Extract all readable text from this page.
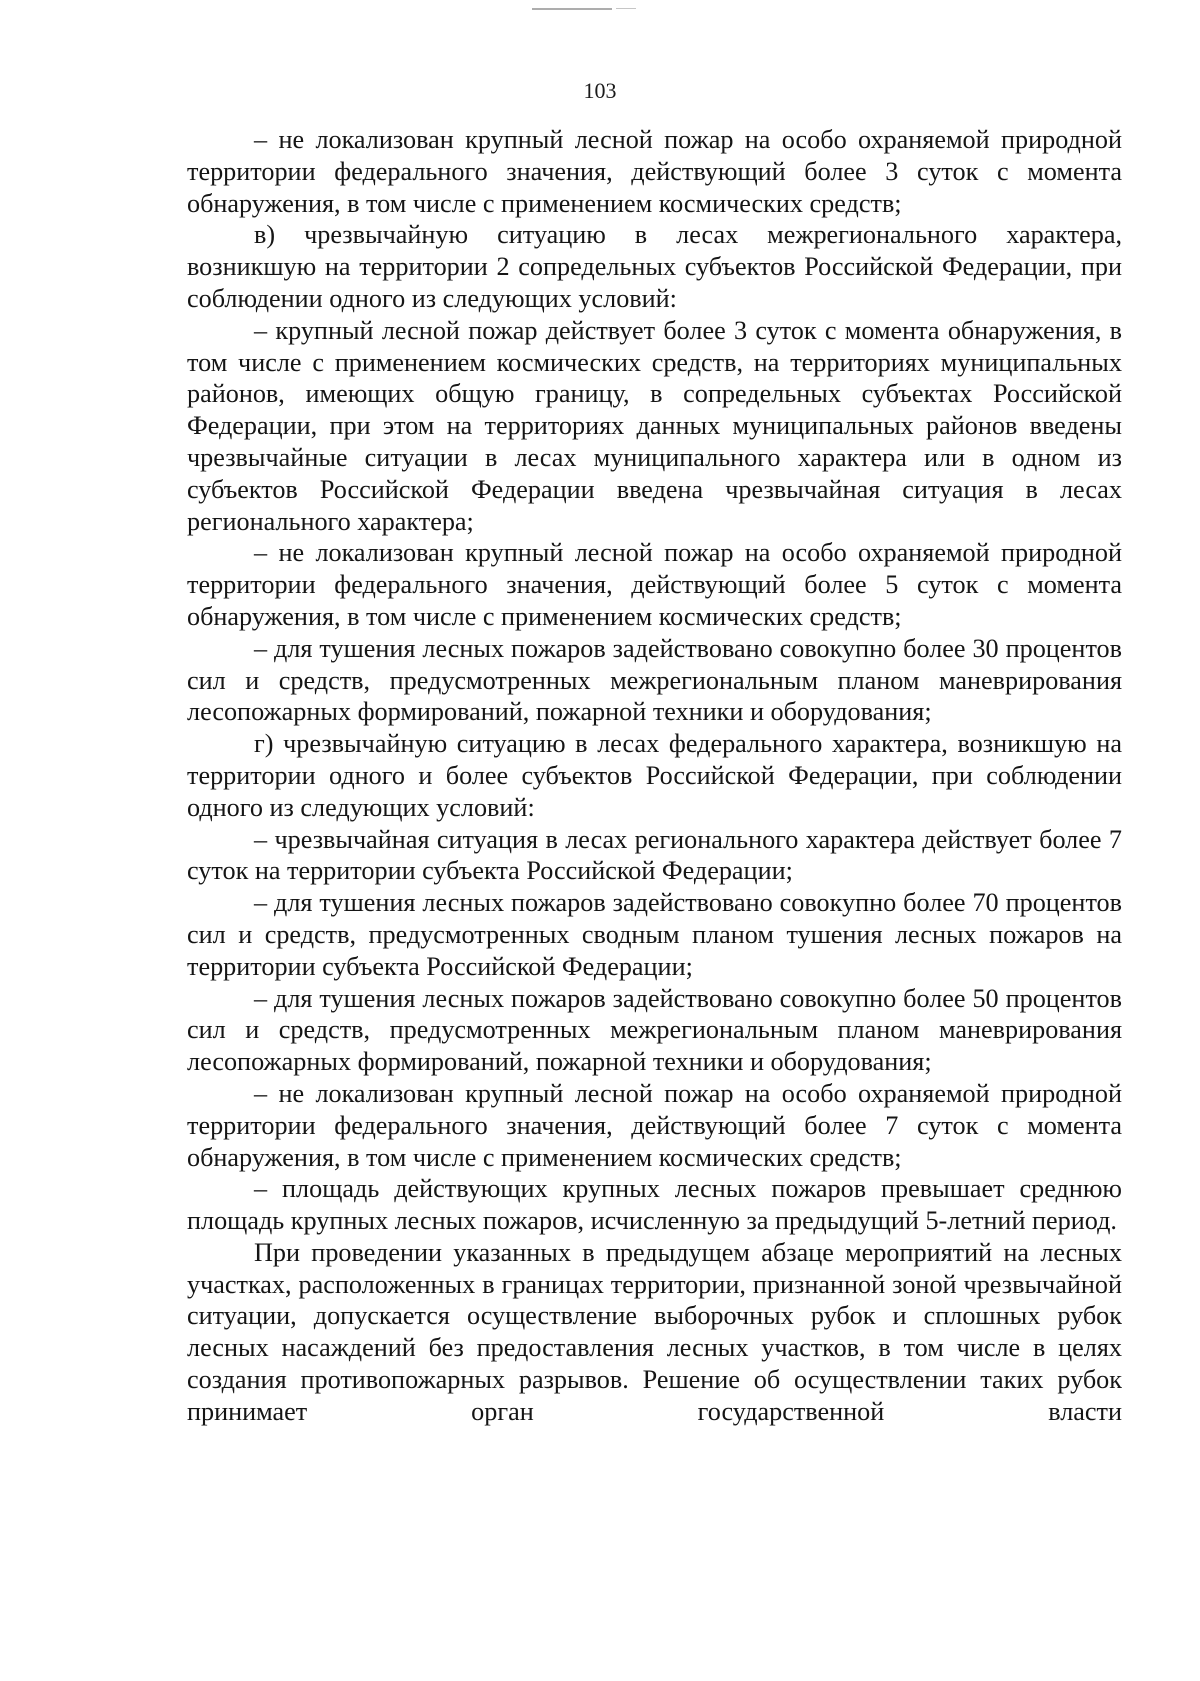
103

– не локализован крупный лесной пожар на особо охраняемой природной территории федерального значения, действующий более 3 суток с момента обнаружения, в том числе с применением космических средств;

в) чрезвычайную ситуацию в лесах межрегионального характера, возникшую на территории 2 сопредельных субъектов Российской Федерации, при соблюдении одного из следующих условий:

– крупный лесной пожар действует более 3 суток с момента обнаружения, в том числе с применением космических средств, на территориях муниципальных районов, имеющих общую границу, в сопредельных субъектах Российской Федерации, при этом на территориях данных муниципальных районов введены чрезвычайные ситуации в лесах муниципального характера или в одном из субъектов Российской Федерации введена чрезвычайная ситуация в лесах регионального характера;

– не локализован крупный лесной пожар на особо охраняемой природной территории федерального значения, действующий более 5 суток с момента обнаружения, в том числе с применением космических средств;

– для тушения лесных пожаров задействовано совокупно более 30 процентов сил и средств, предусмотренных межрегиональным планом маневрирования лесопожарных формирований, пожарной техники и оборудования;

г) чрезвычайную ситуацию в лесах федерального характера, возникшую на территории одного и более субъектов Российской Федерации, при соблюдении одного из следующих условий:

– чрезвычайная ситуация в лесах регионального характера действует более 7 суток на территории субъекта Российской Федерации;

– для тушения лесных пожаров задействовано совокупно более 70 процентов сил и средств, предусмотренных сводным планом тушения лесных пожаров на территории субъекта Российской Федерации;

– для тушения лесных пожаров задействовано совокупно более 50 процентов сил и средств, предусмотренных межрегиональным планом маневрирования лесопожарных формирований, пожарной техники и оборудования;

– не локализован крупный лесной пожар на особо охраняемой природной территории федерального значения, действующий более 7 суток с момента обнаружения, в том числе с применением космических средств;

– площадь действующих крупных лесных пожаров превышает среднюю площадь крупных лесных пожаров, исчисленную за предыдущий 5-летний период.

При проведении указанных в предыдущем абзаце мероприятий на лесных участках, расположенных в границах территории, признанной зоной чрезвычайной ситуации, допускается осуществление выборочных рубок и сплошных рубок лесных насаждений без предоставления лесных участков, в том числе в целях создания противопожарных разрывов. Решение об осуществлении таких рубок принимает орган государственной власти
